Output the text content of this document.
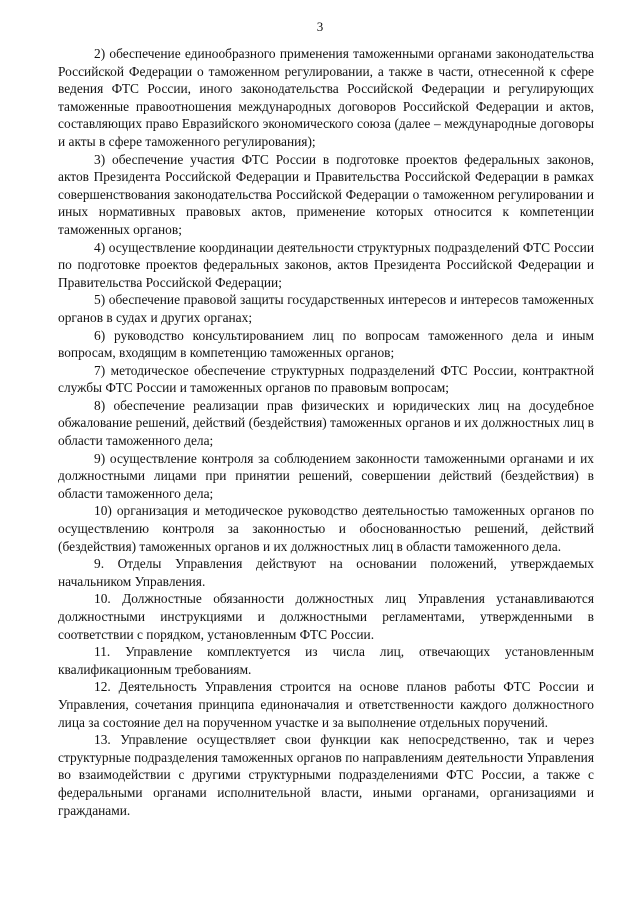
3

2) обеспечение единообразного применения таможенными органами законодательства Российской Федерации о таможенном регулировании, а также в части, отнесенной к сфере ведения ФТС России, иного законодательства Российской Федерации и регулирующих таможенные правоотношения международных договоров Российской Федерации и актов, составляющих право Евразийского экономического союза (далее – международные договоры и акты в сфере таможенного регулирования);

3) обеспечение участия ФТС России в подготовке проектов федеральных законов, актов Президента Российской Федерации и Правительства Российской Федерации в рамках совершенствования законодательства Российской Федерации о таможенном регулировании и иных нормативных правовых актов, применение которых относится к компетенции таможенных органов;

4) осуществление координации деятельности структурных подразделений ФТС России по подготовке проектов федеральных законов, актов Президента Российской Федерации и Правительства Российской Федерации;

5) обеспечение правовой защиты государственных интересов и интересов таможенных органов в судах и других органах;

6) руководство консультированием лиц по вопросам таможенного дела и иным вопросам, входящим в компетенцию таможенных органов;

7) методическое обеспечение структурных подразделений ФТС России, контрактной службы ФТС России и таможенных органов по правовым вопросам;

8) обеспечение реализации прав физических и юридических лиц на досудебное обжалование решений, действий (бездействия) таможенных органов и их должностных лиц в области таможенного дела;

9) осуществление контроля за соблюдением законности таможенными органами и их должностными лицами при принятии решений, совершении действий (бездействия) в области таможенного дела;

10) организация и методическое руководство деятельностью таможенных органов по осуществлению контроля за законностью и обоснованностью решений, действий (бездействия) таможенных органов и их должностных лиц в области таможенного дела.

9. Отделы Управления действуют на основании положений, утверждаемых начальником Управления.

10. Должностные обязанности должностных лиц Управления устанавливаются должностными инструкциями и должностными регламентами, утвержденными в соответствии с порядком, установленным ФТС России.

11. Управление комплектуется из числа лиц, отвечающих установленным квалификационным требованиям.

12. Деятельность Управления строится на основе планов работы ФТС России и Управления, сочетания принципа единоначалия и ответственности каждого должностного лица за состояние дел на порученном участке и за выполнение отдельных поручений.

13. Управление осуществляет свои функции как непосредственно, так и через структурные подразделения таможенных органов по направлениям деятельности Управления во взаимодействии с другими структурными подразделениями ФТС России, а также с федеральными органами исполнительной власти, иными органами, организациями и гражданами.
